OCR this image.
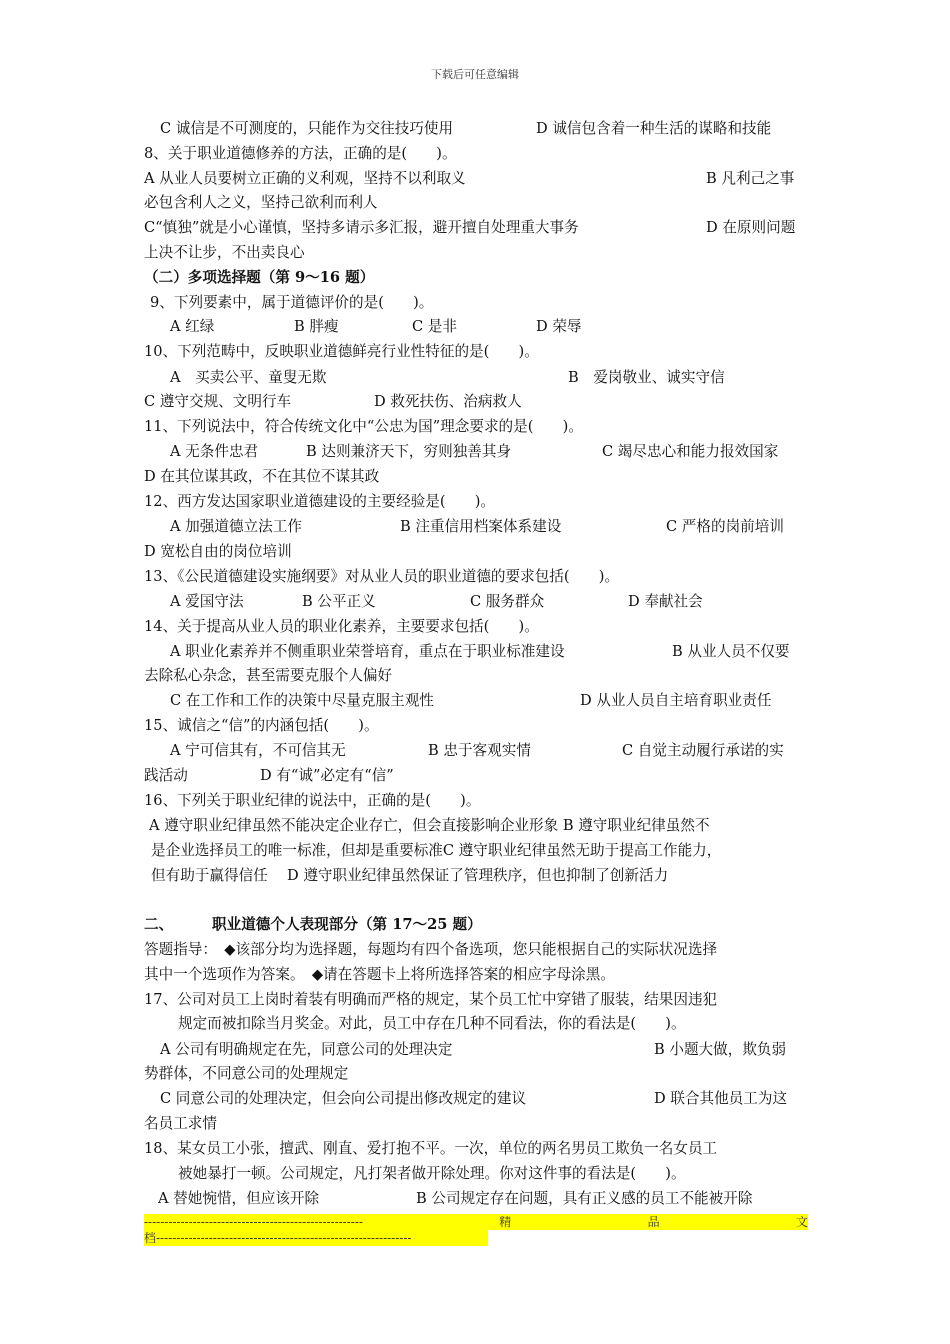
下载后可任意编辑
C 诚信是不可测度的，只能作为交往技巧使用	D 诚信包含着一种生活的谋略和技能
8、关于职业道德修养的方法，正确的是(　　)。
A 从业人员要树立正确的义利观，坚持不以利取义	B 凡利己之事
必包含利人之义，坚持己欲利而利人
C“慎独”就是小心谨慎，坚持多请示多汇报，避开擅自处理重大事务	D 在原则问题
上决不让步，不出卖良心
（二）多项选择题（第 9～16 题）
9、下列要素中，属于道德评价的是(　　)。
A 红绿	B 胖瘦	C 是非	D 荣辱
10、下列范畴中，反映职业道德鲜亮行业性特征的是(　　)。
A　买卖公平、童叟无欺	B　爱岗敬业、诚实守信
C 遵守交规、文明行车	D 救死扶伤、治病救人
11、下列说法中，符合传统文化中“公忠为国”理念要求的是(　　)。
A 无条件忠君	B 达则兼济天下，穷则独善其身	C 竭尽忠心和能力报效国家
D 在其位谋其政，不在其位不谋其政
12、西方发达国家职业道德建设的主要经验是(　　)。
A 加强道德立法工作	B 注重信用档案体系建设	C 严格的岗前培训
D 宽松自由的岗位培训
13、《公民道德建设实施纲要》对从业人员的职业道德的要求包括(　　)。
A 爱国守法	B 公平正义	C 服务群众	D 奉献社会
14、关于提高从业人员的职业化素养，主要要求包括(　　)。
A 职业化素养并不侧重职业荣誉培育，重点在于职业标准建设	B 从业人员不仅要
去除私心杂念，甚至需要克服个人偏好
C 在工作和工作的决策中尽量克服主观性	D 从业人员自主培育职业责任
15、诚信之“信”的内涵包括(　　)。
A 宁可信其有，不可信其无	B 忠于客观实情	C 自觉主动履行承诺的实
践活动	D 有“诚”必定有“信”
16、下列关于职业纪律的说法中，正确的是(　　)。
A 遵守职业纪律虽然不能决定企业存亡，但会直接影响企业形象 B 遵守职业纪律虽然不
是企业选择员工的唯一标准，但却是重要标准C 遵守职业纪律虽然无助于提高工作能力，
但有助于赢得信任　 D 遵守职业纪律虽然保证了管理秩序，但也抑制了创新活力
二、	职业道德个人表现部分（第 17～25 题）
答题指导：　◆该部分均为选择题，每题均有四个备选项，您只能根据自己的实际状况选择
其中一个选项作为答案。　◆请在答题卡上将所选择答案的相应字母涂黑。
17、公司对员工上岗时着装有明确而严格的规定，某个员工忙中穿错了服装，结果因违犯
规定而被扣除当月奖金。对此，员工中存在几种不同看法，你的看法是(　　)。
A 公司有明确规定在先，同意公司的处理决定	B 小题大做，欺负弱
势群体，不同意公司的处理规定
C 同意公司的处理决定，但会向公司提出修改规定的建议	D 联合其他员工为这
名员工求情
18、某女员工小张，擅武、刚直、爱打抱不平。一次，单位的两名男员工欺负一名女员工
被她暴打一顿。公司规定，凡打架者做开除处理。你对这件事的看法是(　　)。
A 替她惋惜，但应该开除	B 公司规定存在问题，具有正义感的员工不能被开除
------------------------------------------------------	精	品	文
档---------------------------------------------------------------
